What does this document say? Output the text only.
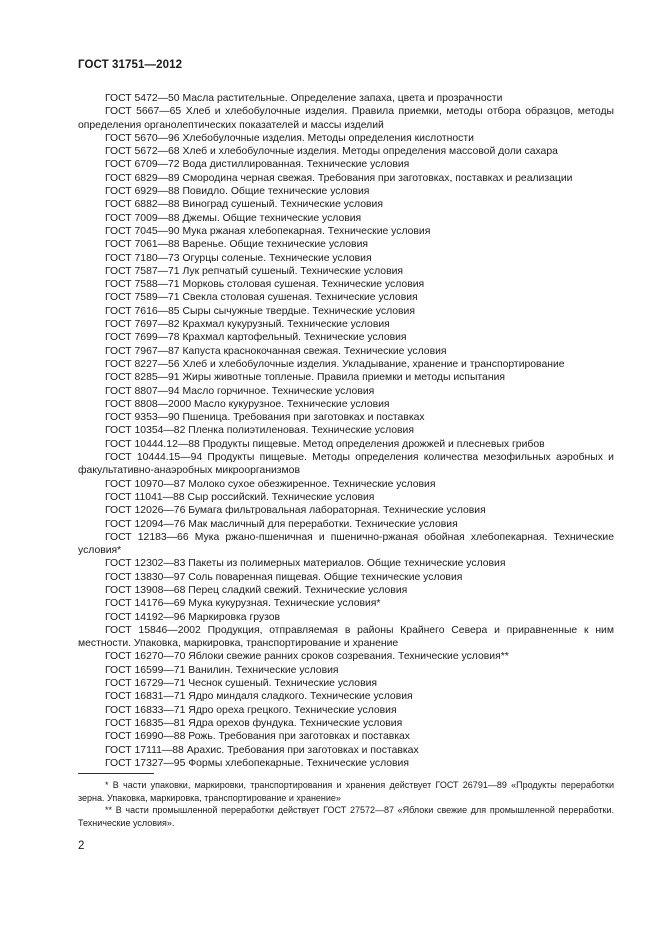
ГОСТ 31751—2012

ГОСТ 5472—50 Масла растительные. Определение запаха, цвета и прозрачности

ГОСТ 5667—65 Хлеб и хлебобулочные изделия. Правила приемки, методы отбора образцов, методы определения органолептических показателей и массы изделий

ГОСТ 5670—96 Хлебобулочные изделия. Методы определения кислотности

ГОСТ 5672—68 Хлеб и хлебобулочные изделия. Методы определения массовой доли сахара

ГОСТ 6709—72 Вода дистиллированная. Технические условия

ГОСТ 6829—89 Смородина черная свежая. Требования при заготовках, поставках и реализации

ГОСТ 6929—88 Повидло. Общие технические условия

ГОСТ 6882—88 Виноград сушеный. Технические условия

ГОСТ 7009—88 Джемы. Общие технические условия

ГОСТ 7045—90 Мука ржаная хлебопекарная. Технические условия

ГОСТ 7061—88 Варенье. Общие технические условия

ГОСТ 7180—73 Огурцы соленые. Технические условия

ГОСТ 7587—71 Лук репчатый сушеный. Технические условия

ГОСТ 7588—71 Морковь столовая сушеная. Технические условия

ГОСТ 7589—71 Свекла столовая сушеная. Технические условия

ГОСТ 7616—85 Сыры сычужные твердые. Технические условия

ГОСТ 7697—82 Крахмал кукурузный. Технические условия

ГОСТ 7699—78 Крахмал картофельный. Технические условия

ГОСТ 7967—87 Капуста краснокочанная свежая. Технические условия

ГОСТ 8227—56 Хлеб и хлебобулочные изделия. Укладывание, хранение и транспортирование

ГОСТ 8285—91 Жиры животные топленые. Правила приемки и методы испытания

ГОСТ 8807—94 Масло горчичное. Технические условия

ГОСТ 8808—2000 Масло кукурузное. Технические условия

ГОСТ 9353—90 Пшеница. Требования при заготовках и поставках

ГОСТ 10354—82 Пленка полиэтиленовая. Технические условия

ГОСТ 10444.12—88 Продукты пищевые. Метод определения дрожжей и плесневых грибов

ГОСТ 10444.15—94 Продукты пищевые. Методы определения количества мезофильных аэробных и факультативно-анаэробных микроорганизмов

ГОСТ 10970—87 Молоко сухое обезжиренное. Технические условия

ГОСТ 11041—88 Сыр российский. Технические условия

ГОСТ 12026—76 Бумага фильтровальная лабораторная. Технические условия

ГОСТ 12094—76 Мак масличный для переработки. Технические условия

ГОСТ 12183—66 Мука ржано-пшеничная и пшенично-ржаная обойная хлебопекарная. Технические условия*

ГОСТ 12302—83 Пакеты из полимерных материалов. Общие технические условия

ГОСТ 13830—97 Соль поваренная пищевая. Общие технические условия

ГОСТ 13908—68 Перец сладкий свежий. Технические условия

ГОСТ 14176—69 Мука кукурузная. Технические условия*

ГОСТ 14192—96 Маркировка грузов

ГОСТ 15846—2002 Продукция, отправляемая в районы Крайнего Севера и приравненные к ним местности. Упаковка, маркировка, транспортирование и хранение

ГОСТ 16270—70 Яблоки свежие ранних сроков созревания. Технические условия**

ГОСТ 16599—71 Ванилин. Технические условия

ГОСТ 16729—71 Чеснок сушеный. Технические условия

ГОСТ 16831—71 Ядро миндаля сладкого. Технические условия

ГОСТ 16833—71 Ядро ореха грецкого. Технические условия

ГОСТ 16835—81 Ядра орехов фундука. Технические условия

ГОСТ 16990—88 Рожь. Требования при заготовках и поставках

ГОСТ 17111—88 Арахис. Требования при заготовках и поставках

ГОСТ 17327—95 Формы хлебопекарные. Технические условия

* В части упаковки, маркировки, транспортирования и хранения действует ГОСТ 26791—89 «Продукты переработки зерна. Упаковка, маркировка, транспортирование и хранение»

** В части промышленной переработки действует ГОСТ 27572—87 «Яблоки свежие для промышленной переработки. Технические условия».

2
